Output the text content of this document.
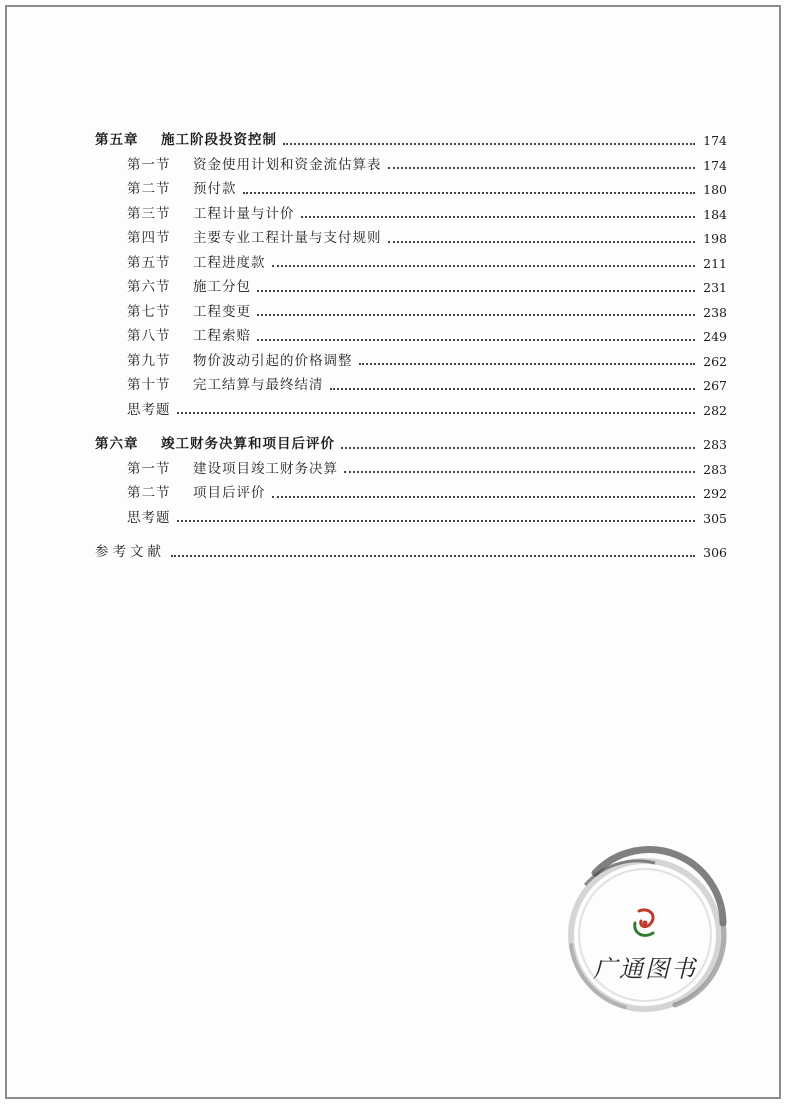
第五章	施工阶段投资控制	174
第一节	资金使用计划和资金流估算表	174
第二节	预付款	180
第三节	工程计量与计价	184
第四节	主要专业工程计量与支付规则	198
第五节	工程进度款	211
第六节	施工分包	231
第七节	工程变更	238
第八节	工程索赔	249
第九节	物价波动引起的价格调整	262
第十节	完工结算与最终结清	267
思考题	282
第六章	竣工财务决算和项目后评价	283
第一节	建设项目竣工财务决算	283
第二节	项目后评价	292
思考题	305
参考文献	306
广通图书
